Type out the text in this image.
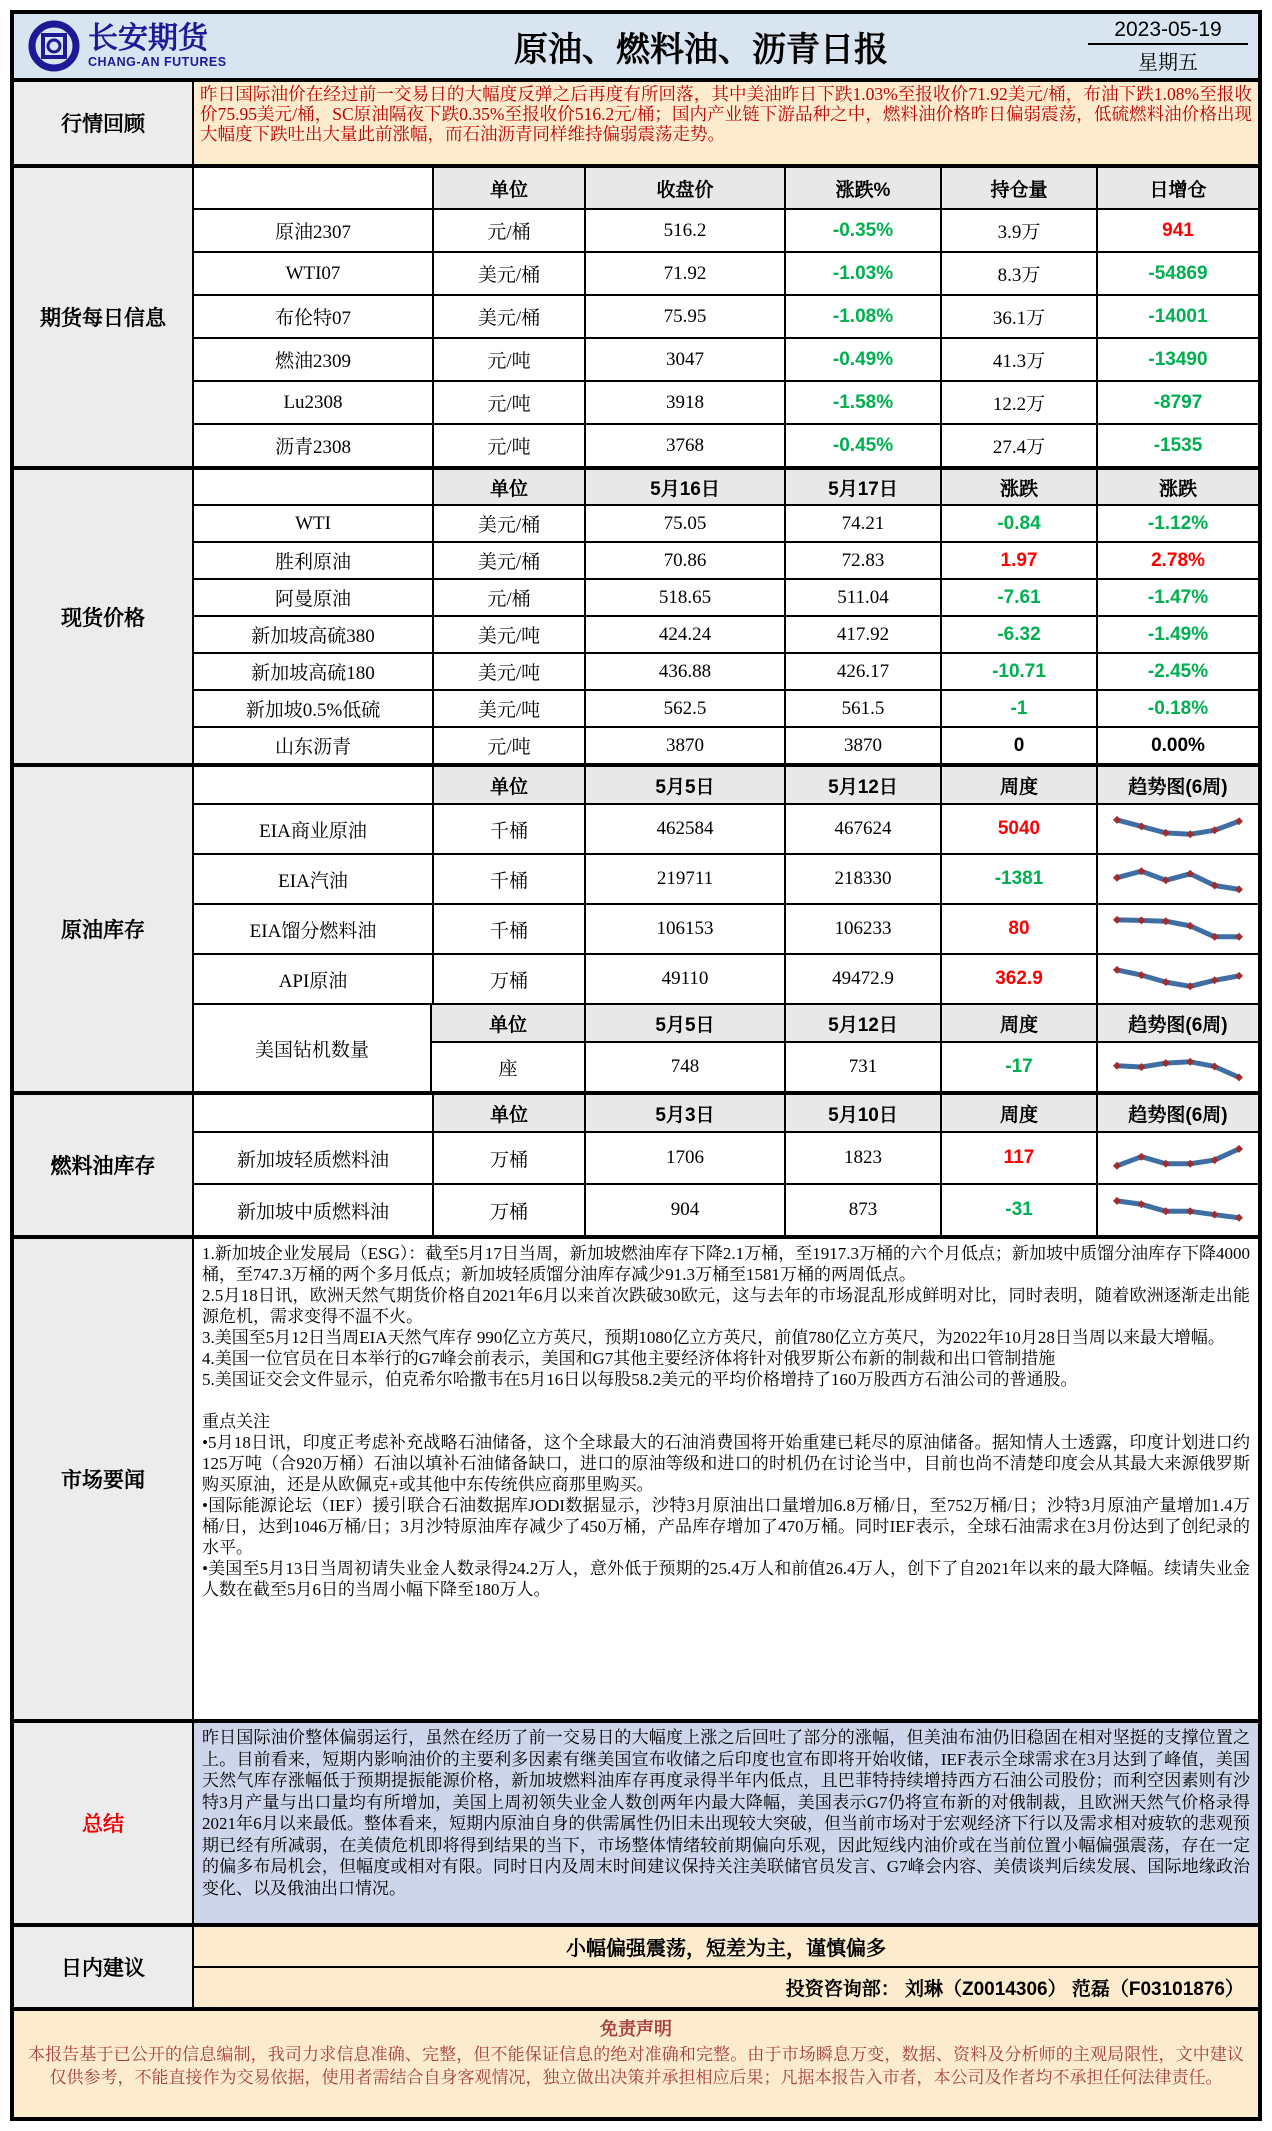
长安期货
CHANG-AN FUTURES	原油、燃料油、沥青日报
2023-05-19
星期五
行情回顾
昨日国际油价在经过前一交易日的大幅度反弹之后再度有所回落，其中美油昨日下跌1.03%至报收价71.92美元/桶，布油下跌1.08%至报收价75.95美元/桶，SC原油隔夜下跌0.35%至报收价516.2元/桶；国内产业链下游品种之中，燃料油价格昨日偏弱震荡，低硫燃料油价格出现大幅度下跌吐出大量此前涨幅，而石油沥青同样维持偏弱震荡走势。
期货每日信息
单位	收盘价	涨跌%	持仓量	日增仓
原油2307	元/桶	516.2	-0.35%	3.9万	941
WTI07	美元/桶	71.92	-1.03%	8.3万	-54869
布伦特07	美元/桶	75.95	-1.08%	36.1万	-14001
燃油2309	元/吨	3047	-0.49%	41.3万	-13490
Lu2308	元/吨	3918	-1.58%	12.2万	-8797
沥青2308	元/吨	3768	-0.45%	27.4万	-1535
现货价格
单位	5月16日	5月17日	涨跌	涨跌
WTI	美元/桶	75.05	74.21	-0.84	-1.12%
胜利原油	美元/桶	70.86	72.83	1.97	2.78%
阿曼原油	元/桶	518.65	511.04	-7.61	-1.47%
新加坡高硫380	美元/吨	424.24	417.92	-6.32	-1.49%
新加坡高硫180	美元/吨	436.88	426.17	-10.71	-2.45%
新加坡0.5%低硫	美元/吨	562.5	561.5	-1	-0.18%
山东沥青	元/吨	3870	3870	0	0.00%
原油库存
单位	5月5日	5月12日	周度	趋势图(6周)
EIA商业原油	千桶	462584	467624	5040
EIA汽油	千桶	219711	218330	-1381
EIA馏分燃料油	千桶	106153	106233	80
API原油	万桶	49110	49472.9	362.9
美国钻机数量
单位	5月5日	5月12日	周度	趋势图(6周)
座	748	731	-17
燃料油库存
单位	5月3日	5月10日	周度	趋势图(6周)
新加坡轻质燃料油	万桶	1706	1823	117
新加坡中质燃料油	万桶	904	873	-31
市场要闻

1.新加坡企业发展局（ESG）：截至5月17日当周，新加坡燃油库存下降2.1万桶，至1917.3万桶的六个月低点；新加坡中质馏分油库存下降4000桶，至747.3万桶的两个多月低点；新加坡轻质馏分油库存减少91.3万桶至1581万桶的两周低点。

2.5月18日讯，欧洲天然气期货价格自2021年6月以来首次跌破30欧元，这与去年的市场混乱形成鲜明对比，同时表明，随着欧洲逐渐走出能源危机，需求变得不温不火。

3.美国至5月12日当周EIA天然气库存 990亿立方英尺，预期1080亿立方英尺，前值780亿立方英尺，为2022年10月28日当周以来最大增幅。

4.美国一位官员在日本举行的G7峰会前表示，美国和G7其他主要经济体将针对俄罗斯公布新的制裁和出口管制措施

5.美国证交会文件显示，伯克希尔哈撒韦在5月16日以每股58.2美元的平均价格增持了160万股西方石油公司的普通股。

重点关注

•5月18日讯，印度正考虑补充战略石油储备，这个全球最大的石油消费国将开始重建已耗尽的原油储备。据知情人士透露，印度计划进口约125万吨（合920万桶）石油以填补石油储备缺口，进口的原油等级和进口的时机仍在讨论当中，目前也尚不清楚印度会从其最大来源俄罗斯购买原油，还是从欧佩克+或其他中东传统供应商那里购买。

•国际能源论坛（IEF）援引联合石油数据库JODI数据显示，沙特3月原油出口量增加6.8万桶/日，至752万桶/日；沙特3月原油产量增加1.4万桶/日，达到1046万桶/日；3月沙特原油库存减少了450万桶，产品库存增加了470万桶。同时IEF表示，全球石油需求在3月份达到了创纪录的水平。

•美国至5月13日当周初请失业金人数录得24.2万人，意外低于预期的25.4万人和前值26.4万人，创下了自2021年以来的最大降幅。续请失业金人数在截至5月6日的当周小幅下降至180万人。

总结
昨日国际油价整体偏弱运行，虽然在经历了前一交易日的大幅度上涨之后回吐了部分的涨幅，但美油布油仍旧稳固在相对坚挺的支撑位置之上。目前看来，短期内影响油价的主要利多因素有继美国宣布收储之后印度也宣布即将开始收储，IEF表示全球需求在3月达到了峰值，美国天然气库存涨幅低于预期提振能源价格，新加坡燃料油库存再度录得半年内低点，且巴菲特持续增持西方石油公司股份；而利空因素则有沙特3月产量与出口量均有所增加，美国上周初领失业金人数创两年内最大降幅，美国表示G7仍将宣布新的对俄制裁，且欧洲天然气价格录得2021年6月以来最低。整体看来，短期内原油自身的供需属性仍旧未出现较大突破，但当前市场对于宏观经济下行以及需求相对疲软的悲观预期已经有所减弱，在美债危机即将得到结果的当下，市场整体情绪较前期偏向乐观，因此短线内油价或在当前位置小幅偏强震荡，存在一定的偏多布局机会，但幅度或相对有限。同时日内及周末时间建议保持关注美联储官员发言、G7峰会内容、美债谈判后续发展、国际地缘政治变化、以及俄油出口情况。
日内建议
小幅偏强震荡，短差为主，谨慎偏多
投资咨询部： 刘琳（Z0014306） 范磊（F03101876）
免责声明
本报告基于已公开的信息编制，我司力求信息准确、完整，但不能保证信息的绝对准确和完整。由于市场瞬息万变，数据、资料及分析师的主观局限性，文中建议仅供参考，不能直接作为交易依据，使用者需结合自身客观情况，独立做出决策并承担相应后果；凡据本报告入市者，本公司及作者均不承担任何法律责任。
